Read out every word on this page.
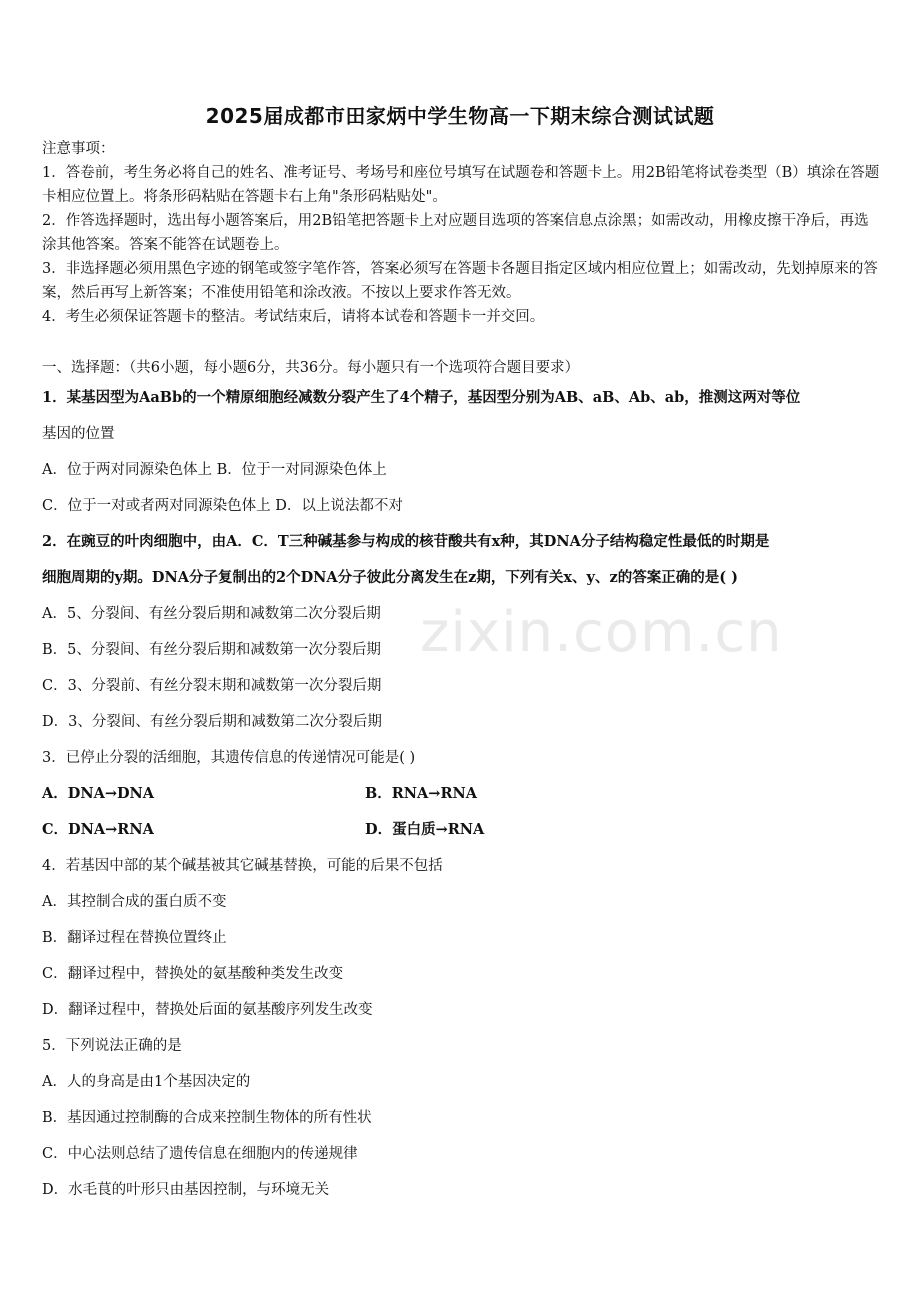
zixin.com.cn
2025届成都市田家炳中学生物高一下期末综合测试试题
注意事项：
1．答卷前，考生务必将自己的姓名、准考证号、考场号和座位号填写在试题卷和答题卡上。用2B铅笔将试卷类型（B）填涂在答题卡相应位置上。将条形码粘贴在答题卡右上角"条形码粘贴处"。
2．作答选择题时，选出每小题答案后，用2B铅笔把答题卡上对应题目选项的答案信息点涂黑；如需改动，用橡皮擦干净后，再选涂其他答案。答案不能答在试题卷上。
3．非选择题必须用黑色字迹的钢笔或签字笔作答，答案必须写在答题卡各题目指定区域内相应位置上；如需改动，先划掉原来的答案，然后再写上新答案；不准使用铅笔和涂改液。不按以上要求作答无效。
4．考生必须保证答题卡的整洁。考试结束后，请将本试卷和答题卡一并交回。
一、选择题：（共6小题，每小题6分，共36分。每小题只有一个选项符合题目要求）
1．某基因型为AaBb的一个精原细胞经减数分裂产生了4个精子，基因型分别为AB、aB、Ab、ab，推测这两对等位
基因的位置
A．位于两对同源染色体上 B．位于一对同源染色体上
C．位于一对或者两对同源染色体上 D．以上说法都不对
2．在豌豆的叶肉细胞中，由A．C．T三种碱基参与构成的核苷酸共有x种，其DNA分子结构稳定性最低的时期是
细胞周期的y期。DNA分子复制出的2个DNA分子彼此分离发生在z期，下列有关x、y、z的答案正确的是( )
A．5、分裂间、有丝分裂后期和减数第二次分裂后期
B．5、分裂间、有丝分裂后期和减数第一次分裂后期
C．3、分裂前、有丝分裂末期和减数第一次分裂后期
D．3、分裂间、有丝分裂后期和减数第二次分裂后期
3．已停止分裂的活细胞，其遗传信息的传递情况可能是( )
A．DNA→DNA	B．RNA→RNA
C．DNA→RNA	D．蛋白质→RNA
4．若基因中部的某个碱基被其它碱基替换，可能的后果不包括
A．其控制合成的蛋白质不变
B．翻译过程在替换位置终止
C．翻译过程中，替换处的氨基酸种类发生改变
D．翻译过程中，替换处后面的氨基酸序列发生改变
5．下列说法正确的是
A．人的身高是由1个基因决定的
B．基因通过控制酶的合成来控制生物体的所有性状
C．中心法则总结了遗传信息在细胞内的传递规律
D．水毛茛的叶形只由基因控制，与环境无关
